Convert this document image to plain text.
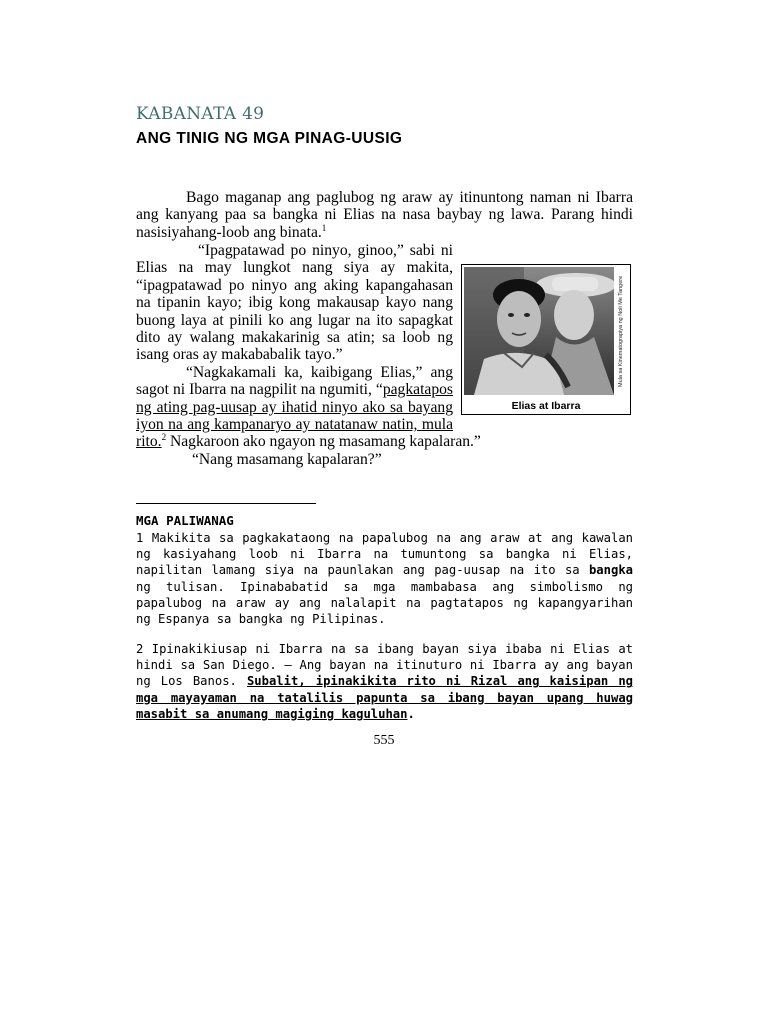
KABANATA 49
ANG TINIG NG MGA PINAG-UUSIG
Bago maganap ang paglubog ng araw ay itinuntong naman ni Ibarra ang kanyang paa sa bangka ni Elias na nasa baybay ng lawa. Parang hindi nasisiyahang-loob ang binata.$^1$
Mula sa Kinematograpiya ng Noli Me Tangere
Elias at Ibarra

“Ipagpatawad po ninyo, ginoo,” sabi ni Elias na may lungkot nang siya ay makita, “ipagpatawad po ninyo ang aking kapangahasan na tipanin kayo; ibig kong makausap kayo nang buong laya at pinili ko ang lugar na ito sapagkat dito ay walang makakarinig sa atin; sa loob ng isang oras ay makababalik tayo.”

“Nagkakamali ka, kaibigang Elias,” ang sagot ni Ibarra na nagpilit na ngumiti, “pagkatapos ng ating pag-uusap ay ihatid ninyo ako sa bayang iyon na ang kampanaryo ay natatanaw natin, mula rito.$^2$ Nagkaroon ako ngayon ng masamang kapalaran.”

“Nang masamang kapalaran?”

MGA PALIWANAG
1 Makikita sa pagkakataong na papalubog na ang araw at ang kawalan ng kasiyahang loob ni Ibarra na tumuntong sa bangka ni Elias, napilitan lamang siya na paunlakan ang pag-uusap na ito sa bangka ng tulisan. Ipinababatid sa mga mambabasa ang simbolismo ng papalubog na araw ay ang nalalapit na pagtatapos ng kapangyarihan ng Espanya sa bangka ng Pilipinas.
2 Ipinakikiusap ni Ibarra na sa ibang bayan siya ibaba ni Elias at hindi sa San Diego. – Ang bayan na itinuturo ni Ibarra ay ang bayan ng Los Banos. Subalit, ipinakikita rito ni Rizal ang kaisipan ng mga mayayaman na tatalilis papunta sa ibang bayan upang huwag masabit sa anumang magiging kaguluhan.
555
